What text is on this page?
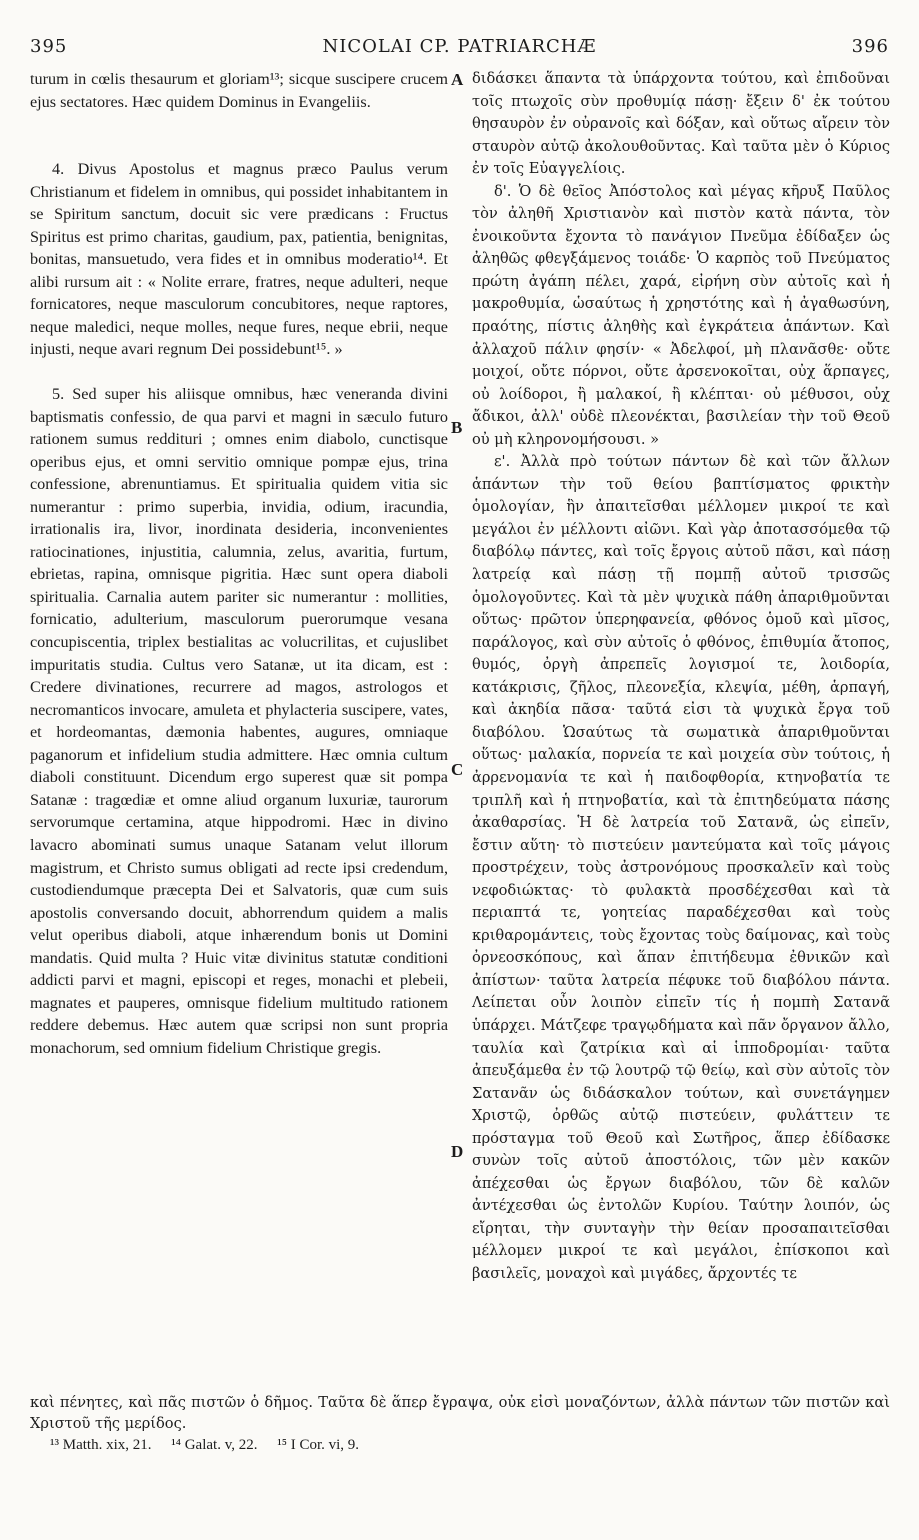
395	NICOLAI CP. PATRIARCHÆ	396

turum in cœlis thesaurum et gloriam¹³; sicque suscipere crucem ejus sectatores. Hæc quidem Dominus in Evangeliis.

4. Divus Apostolus et magnus præco Paulus verum Christianum et fidelem in omnibus, qui possidet inhabitantem in se Spiritum sanctum, docuit sic vere prædicans : Fructus Spiritus est primo charitas, gaudium, pax, patientia, benignitas, bonitas, mansuetudo, vera fides et in omnibus moderatio¹⁴. Et alibi rursum ait : « Nolite errare, fratres, neque adulteri, neque fornicatores, neque masculorum concubitores, neque raptores, neque maledici, neque molles, neque fures, neque ebrii, neque injusti, neque avari regnum Dei possidebunt¹⁵. »

5. Sed super his aliisque omnibus, hæc veneranda divini baptismatis confessio, de qua parvi et magni in sæculo futuro rationem sumus reddituri ; omnes enim diabolo, cunctisque operibus ejus, et omni servitio omnique pompæ ejus, trina confessione, abrenuntiamus. Et spiritualia quidem vitia sic numerantur : primo superbia, invidia, odium, iracundia, irrationalis ira, livor, inordinata desideria, inconvenientes ratiocinationes, injustitia, calumnia, zelus, avaritia, furtum, ebrietas, rapina, omnisque pigritia. Hæc sunt opera diaboli spiritualia. Carnalia autem pariter sic numerantur : mollities, fornicatio, adulterium, masculorum puerorumque vesana concupiscentia, triplex bestialitas ac volucrilitas, et cujuslibet impuritatis studia. Cultus vero Satanæ, ut ita dicam, est : Credere divinationes, recurrere ad magos, astrologos et necromanticos invocare, amuleta et phylacteria suscipere, vates, et hordeomantas, dæmonia habentes, augures, omniaque paganorum et infidelium studia admittere. Hæc omnia cultum diaboli constituunt. Dicendum ergo superest quæ sit pompa Satanæ : tragœdiæ et omne aliud organum luxuriæ, taurorum servorumque certamina, atque hippodromi. Hæc in divino lavacro abominati sumus unaque Satanam velut illorum magistrum, et Christo sumus obligati ad recte ipsi credendum, custodiendumque præcepta Dei et Salvatoris, quæ cum suis apostolis conversando docuit, abhorrendum quidem a malis velut operibus diaboli, atque inhærendum bonis ut Domini mandatis. Quid multa ? Huic vitæ divinitus statutæ conditioni addicti parvi et magni, episcopi et reges, monachi et plebeii, magnates et pauperes, omnisque fidelium multitudo rationem reddere debemus. Hæc autem quæ scripsi non sunt propria monachorum, sed omnium fidelium Christique gregis.

διδάσκει ἅπαντα τὰ ὑπάρχοντα τούτου, καὶ ἐπιδοῦναι τοῖς πτωχοῖς σὺν προθυμίᾳ πάσῃ· ἔξειν δ' ἐκ τούτου θησαυρὸν ἐν οὐρανοῖς καὶ δόξαν, καὶ οὕτως αἴρειν τὸν σταυρὸν αὐτῷ ἀκολουθοῦντας. Καὶ ταῦτα μὲν ὁ Κύριος ἐν τοῖς Εὐαγγελίοις.

δ'. Ὁ δὲ θεῖος Ἀπόστολος καὶ μέγας κῆρυξ Παῦλος τὸν ἀληθῆ Χριστιανὸν καὶ πιστὸν κατὰ πάντα, τὸν ἐνοικοῦντα ἔχοντα τὸ πανάγιον Πνεῦμα ἐδίδαξεν ὡς ἀληθῶς φθεγξάμενος τοιάδε· Ὁ καρπὸς τοῦ Πνεύματος πρώτη ἀγάπη πέλει, χαρά, εἰρήνη σὺν αὐτοῖς καὶ ἡ μακροθυμία, ὡσαύτως ἡ χρηστότης καὶ ἡ ἀγαθωσύνη, πραότης, πίστις ἀληθὴς καὶ ἐγκράτεια ἁπάντων. Καὶ ἀλλαχοῦ πάλιν φησίν· « Ἀδελφοί, μὴ πλανᾶσθε· οὔτε μοιχοί, οὔτε πόρνοι, οὔτε ἀρσενοκοῖται, οὐχ ἅρπαγες, οὐ λοίδοροι, ἢ μαλακοί, ἢ κλέπται· οὐ μέθυσοι, οὐχ ἄδικοι, ἀλλ' οὐδὲ πλεονέκται, βασιλείαν τὴν τοῦ Θεοῦ οὐ μὴ κληρονομήσουσι. »

ε'. Ἀλλὰ πρὸ τούτων πάντων δὲ καὶ τῶν ἄλλων ἁπάντων τὴν τοῦ θείου βαπτίσματος φρικτὴν ὁμολογίαν, ἣν ἀπαιτεῖσθαι μέλλομεν μικροί τε καὶ μεγάλοι ἐν μέλλοντι αἰῶνι. Καὶ γὰρ ἀποτασσόμεθα τῷ διαβόλῳ πάντες, καὶ τοῖς ἔργοις αὐτοῦ πᾶσι, καὶ πάσῃ λατρείᾳ καὶ πάσῃ τῇ πομπῇ αὐτοῦ τρισσῶς ὁμολογοῦντες. Καὶ τὰ μὲν ψυχικὰ πάθη ἀπαριθμοῦνται οὕτως· πρῶτον ὑπερηφανεία, φθόνος ὁμοῦ καὶ μῖσος, παράλογος, καὶ σὺν αὐτοῖς ὁ φθόνος, ἐπιθυμία ἄτοπος, θυμός, ὀργὴ ἀπρεπεῖς λογισμοί τε, λοιδορία, κατάκρισις, ζῆλος, πλεονεξία, κλεψία, μέθη, ἁρπαγή, καὶ ἀκηδία πᾶσα· ταῦτά εἰσι τὰ ψυχικὰ ἔργα τοῦ διαβόλου. Ὡσαύτως τὰ σωματικὰ ἀπαριθμοῦνται οὕτως· μαλακία, πορνεία τε καὶ μοιχεία σὺν τούτοις, ἡ ἀρρενομανία τε καὶ ἡ παιδοφθορία, κτηνοβατία τε τριπλῆ καὶ ἡ πτηνοβατία, καὶ τὰ ἐπιτηδεύματα πάσης ἀκαθαρσίας. Ἡ δὲ λατρεία τοῦ Σατανᾶ, ὡς εἰπεῖν, ἔστιν αὕτη· τὸ πιστεύειν μαντεύματα καὶ τοῖς μάγοις προστρέχειν, τοὺς ἀστρονόμους προσκαλεῖν καὶ τοὺς νεφοδιώκτας· τὸ φυλακτὰ προσδέχεσθαι καὶ τὰ περιαπτά τε, γοητείας παραδέχεσθαι καὶ τοὺς κριθαρομάντεις, τοὺς ἔχοντας τοὺς δαίμονας, καὶ τοὺς ὀρνεοσκόπους, καὶ ἅπαν ἐπιτήδευμα ἐθνικῶν καὶ ἀπίστων· ταῦτα λατρεία πέφυκε τοῦ διαβόλου πάντα. Λείπεται οὖν λοιπὸν εἰπεῖν τίς ἡ πομπὴ Σατανᾶ ὑπάρχει. Μάτζεφε τραγῳδήματα καὶ πᾶν ὄργανον ἄλλο, ταυλία καὶ ζατρίκια καὶ αἱ ἱπποδρομίαι· ταῦτα ἀπευξάμεθα ἐν τῷ λουτρῷ τῷ θείῳ, καὶ σὺν αὐτοῖς τὸν Σατανᾶν ὡς διδάσκαλον τούτων, καὶ συνετάγημεν Χριστῷ, ὀρθῶς αὐτῷ πιστεύειν, φυλάττειν τε πρόσταγμα τοῦ Θεοῦ καὶ Σωτῆρος, ἅπερ ἐδίδασκε συνὼν τοῖς αὐτοῦ ἀποστόλοις, τῶν μὲν κακῶν ἀπέχεσθαι ὡς ἔργων διαβόλου, τῶν δὲ καλῶν ἀντέχεσθαι ὡς ἐντολῶν Κυρίου. Ταύτην λοιπόν, ὡς εἴρηται, τὴν συνταγὴν τὴν θείαν προσαπαιτεῖσθαι μέλλομεν μικροί τε καὶ μεγάλοι, ἐπίσκοποι καὶ βασιλεῖς, μοναχοὶ καὶ μιγάδες, ἄρχοντές τε

A
B
C
D
καὶ πένητες, καὶ πᾶς πιστῶν ὁ δῆμος. Ταῦτα δὲ ἅπερ ἔγραψα, οὐκ εἰσὶ μοναζόντων, ἀλλὰ πάντων τῶν πιστῶν καὶ Χριστοῦ τῆς μερίδος.
¹³ Matth. xix, 21. ¹⁴ Galat. v, 22. ¹⁵ I Cor. vi, 9.
